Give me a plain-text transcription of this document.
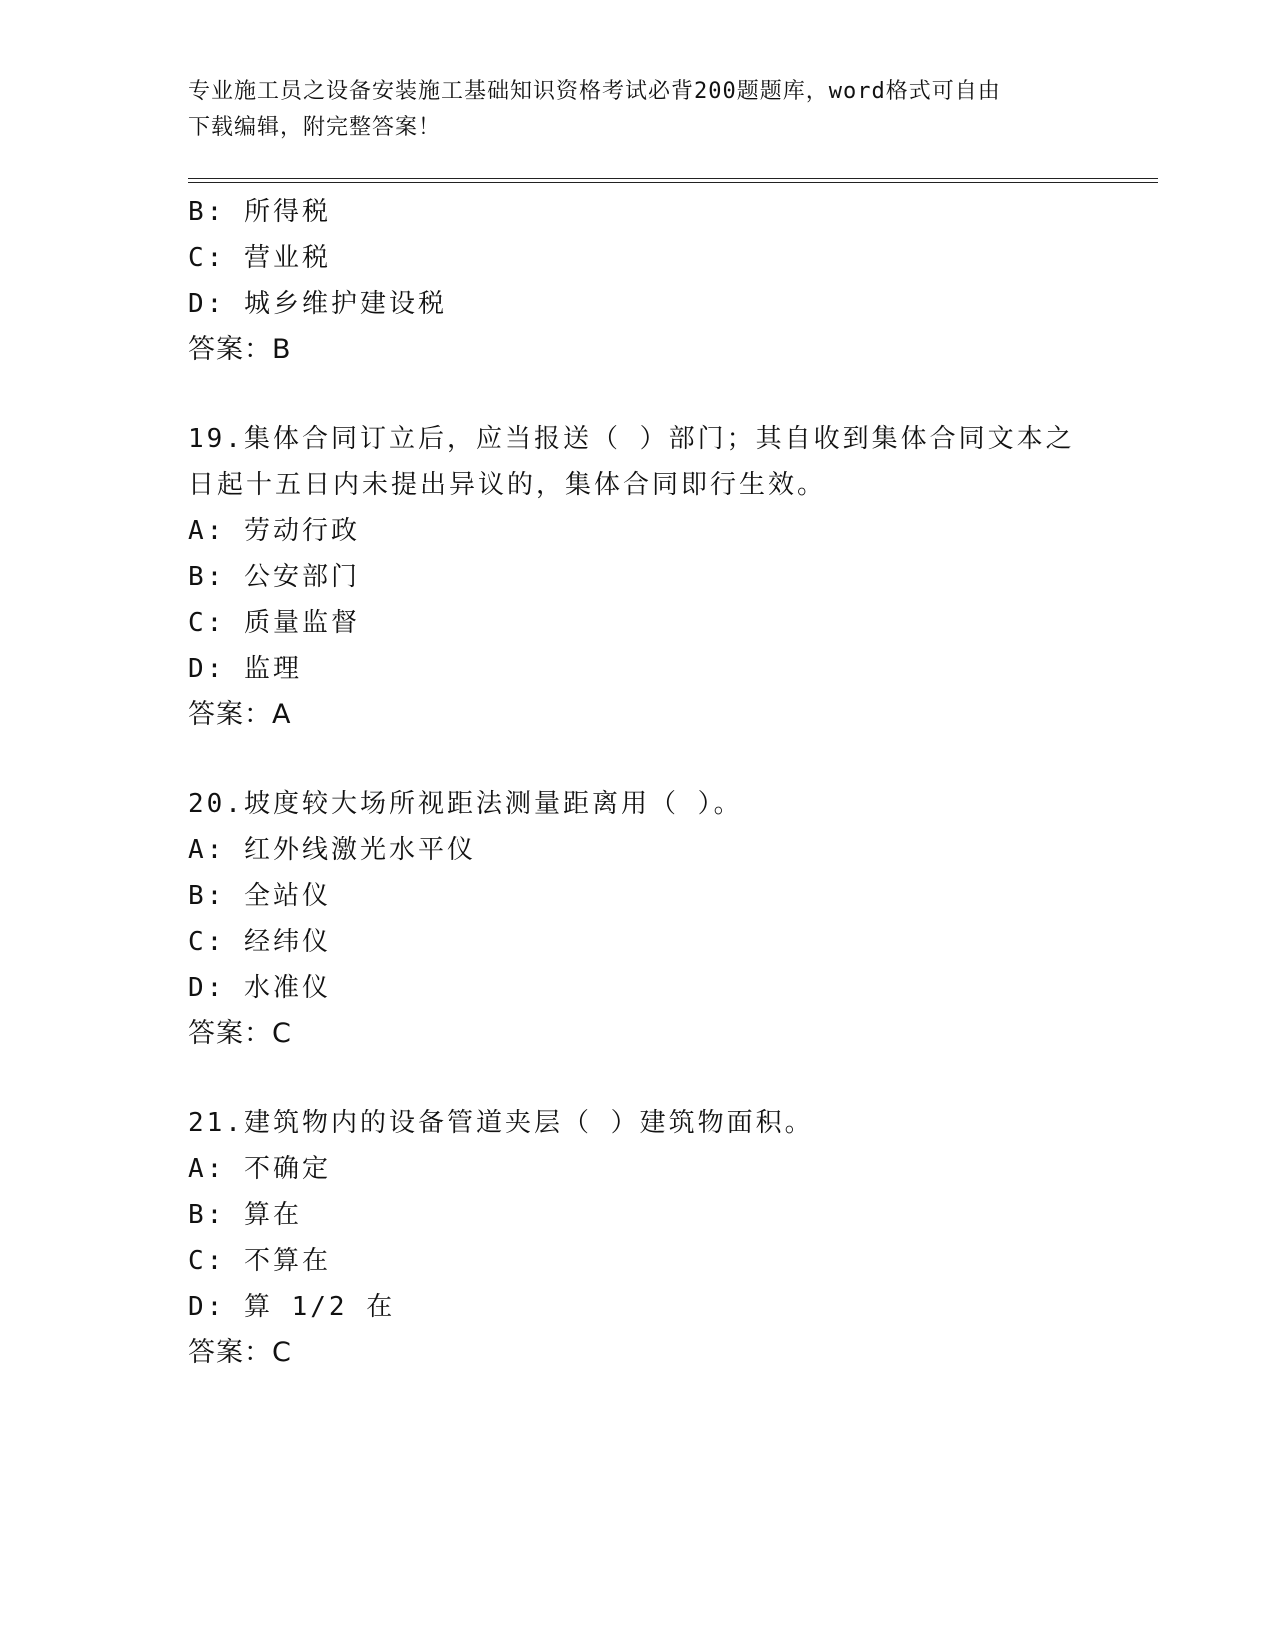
专业施工员之设备安装施工基础知识资格考试必背200题题库，word格式可自由
下载编辑，附完整答案！
B: 所得税
C: 营业税
D: 城乡维护建设税
答案：B
19.集体合同订立后，应当报送（ ）部门；其自收到集体合同文本之
日起十五日内未提出异议的，集体合同即行生效。
A: 劳动行政
B: 公安部门
C: 质量监督
D: 监理
答案：A
20.坡度较大场所视距法测量距离用（ ）。
A: 红外线激光水平仪
B: 全站仪
C: 经纬仪
D: 水准仪
答案：C
21.建筑物内的设备管道夹层（ ）建筑物面积。
A: 不确定
B: 算在
C: 不算在
D: 算 1/2 在
答案：C
